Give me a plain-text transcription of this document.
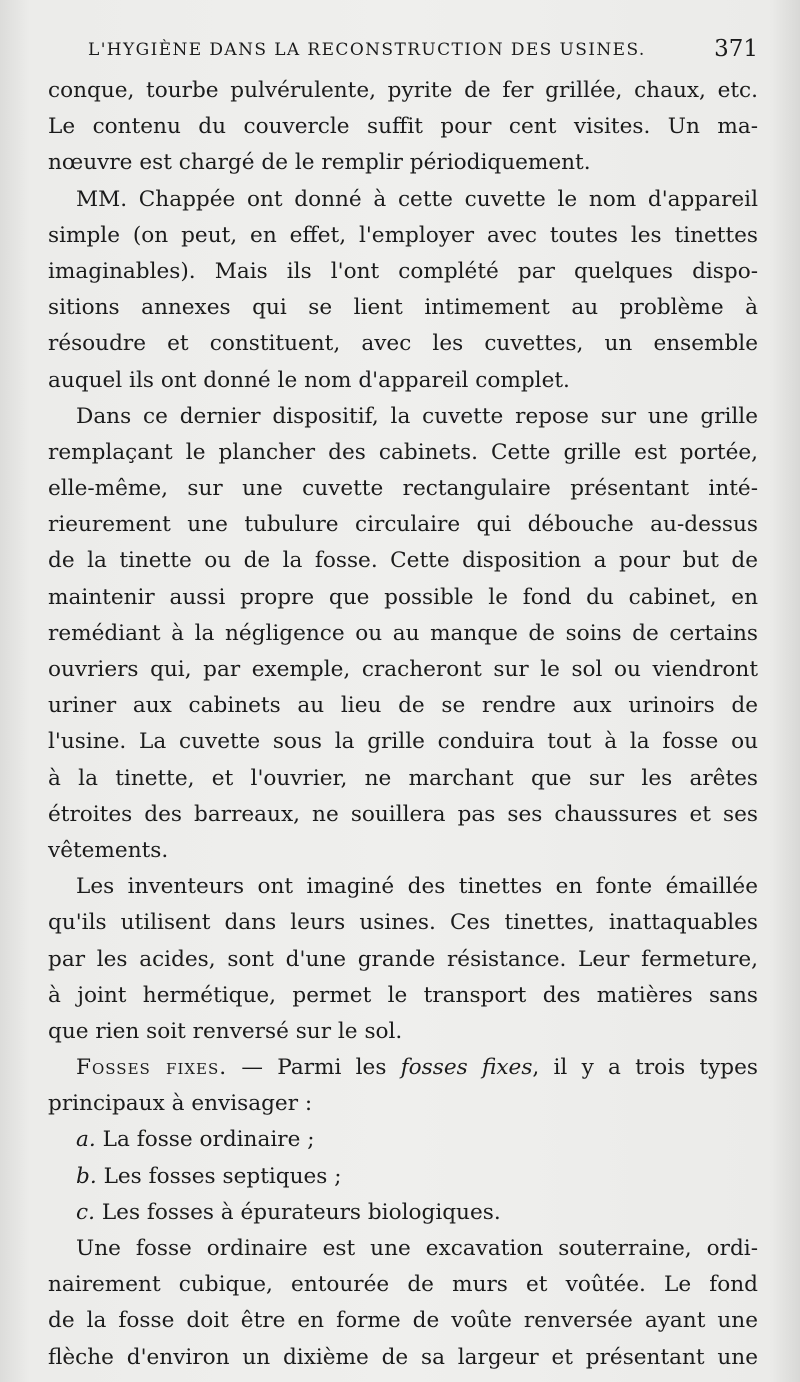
L'HYGIÈNE DANS LA RECONSTRUCTION DES USINES.	371
conque, tourbe pulvérulente, pyrite de fer grillée, chaux, etc.
Le contenu du couvercle suffit pour cent visites. Un ma-
nœuvre est chargé de le remplir périodiquement.
MM. Chappée ont donné à cette cuvette le nom d'appareil
simple (on peut, en effet, l'employer avec toutes les tinettes
imaginables). Mais ils l'ont complété par quelques dispo-
sitions annexes qui se lient intimement au problème à
résoudre et constituent, avec les cuvettes, un ensemble
auquel ils ont donné le nom d'appareil complet.
Dans ce dernier dispositif, la cuvette repose sur une grille
remplaçant le plancher des cabinets. Cette grille est portée,
elle-même, sur une cuvette rectangulaire présentant inté-
rieurement une tubulure circulaire qui débouche au-dessus
de la tinette ou de la fosse. Cette disposition a pour but de
maintenir aussi propre que possible le fond du cabinet, en
remédiant à la négligence ou au manque de soins de certains
ouvriers qui, par exemple, cracheront sur le sol ou viendront
uriner aux cabinets au lieu de se rendre aux urinoirs de
l'usine. La cuvette sous la grille conduira tout à la fosse ou
à la tinette, et l'ouvrier, ne marchant que sur les arêtes
étroites des barreaux, ne souillera pas ses chaussures et ses
vêtements.
Les inventeurs ont imaginé des tinettes en fonte émaillée
qu'ils utilisent dans leurs usines. Ces tinettes, inattaquables
par les acides, sont d'une grande résistance. Leur fermeture,
à joint hermétique, permet le transport des matières sans
que rien soit renversé sur le sol.
Fosses fixes. — Parmi les fosses fixes, il y a trois types
principaux à envisager :
a. La fosse ordinaire ;
b. Les fosses septiques ;
c. Les fosses à épurateurs biologiques.
Une fosse ordinaire est une excavation souterraine, ordi-
nairement cubique, entourée de murs et voûtée. Le fond
de la fosse doit être en forme de voûte renversée ayant une
flèche d'environ un dixième de sa largeur et présentant une
